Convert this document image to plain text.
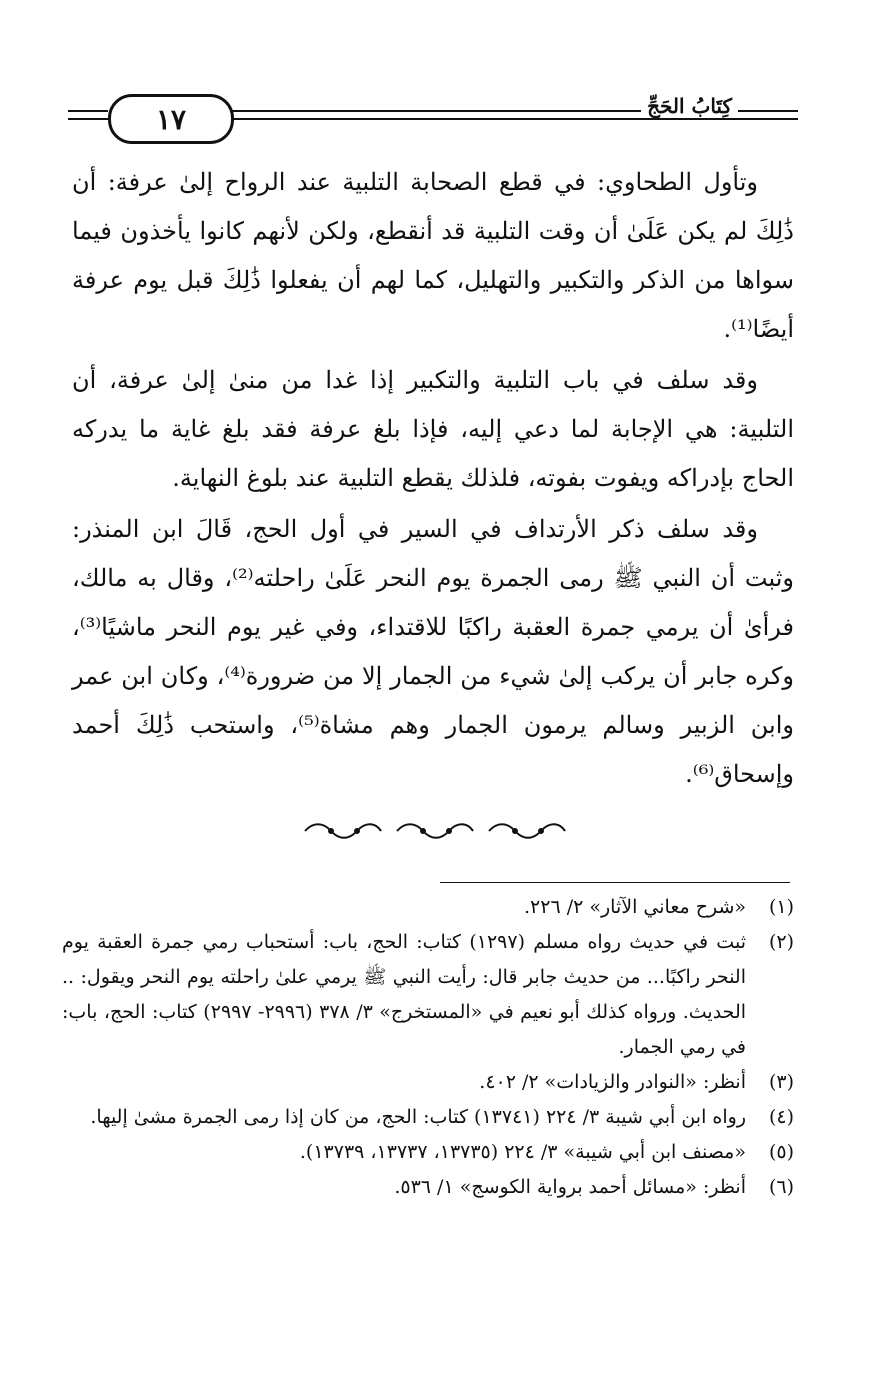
١٧	كِتَابُ الحَجِّ

وتأول الطحاوي: في قطع الصحابة التلبية عند الرواح إلىٰ عرفة: أن ذَٰلِكَ لم يكن عَلَىٰ أن وقت التلبية قد أنقطع، ولكن لأنهم كانوا يأخذون فيما سواها من الذكر والتكبير والتهليل، كما لهم أن يفعلوا ذَٰلِكَ قبل يوم عرفة أيضًا⁽¹⁾.

وقد سلف في باب التلبية والتكبير إذا غدا من منىٰ إلىٰ عرفة، أن التلبية: هي الإجابة لما دعي إليه، فإذا بلغ عرفة فقد بلغ غاية ما يدركه الحاج بإدراكه ويفوت بفوته، فلذلك يقطع التلبية عند بلوغ النهاية.

وقد سلف ذكر الأرتداف في السير في أول الحج، قَالَ ابن المنذر: وثبت أن النبي ﷺ رمى الجمرة يوم النحر عَلَىٰ راحلته⁽²⁾، وقال به مالك، فرأىٰ أن يرمي جمرة العقبة راكبًا للاقتداء، وفي غير يوم النحر ماشيًا⁽³⁾، وكره جابر أن يركب إلىٰ شيء من الجمار إلا من ضرورة⁽⁴⁾، وكان ابن عمر وابن الزبير وسالم يرمون الجمار وهم مشاة⁽⁵⁾، واستحب ذَٰلِكَ أحمد وإسحاق⁽⁶⁾.

(١)
«شرح معاني الآثار» ٢/ ٢٢٦.
(٢)
ثبت في حديث رواه مسلم (١٢٩٧) كتاب: الحج، باب: أستحباب رمي جمرة العقبة يوم النحر راكبًا... من حديث جابر قال: رأيت النبي ﷺ يرمي علىٰ راحلته يوم النحر ويقول: .. الحديث. ورواه كذلك أبو نعيم في «المستخرج» ٣/ ٣٧٨ (٢٩٩٦- ٢٩٩٧) كتاب: الحج، باب: في رمي الجمار.
(٣)
أنظر: «النوادر والزيادات» ٢/ ٤٠٢.
(٤)
رواه ابن أبي شيبة ٣/ ٢٢٤ (١٣٧٤١) كتاب: الحج، من كان إذا رمى الجمرة مشىٰ إليها.
(٥)
«مصنف ابن أبي شيبة» ٣/ ٢٢٤ (١٣٧٣٥، ١٣٧٣٧، ١٣٧٣٩).
(٦)
أنظر: «مسائل أحمد برواية الكوسج» ١/ ٥٣٦.
